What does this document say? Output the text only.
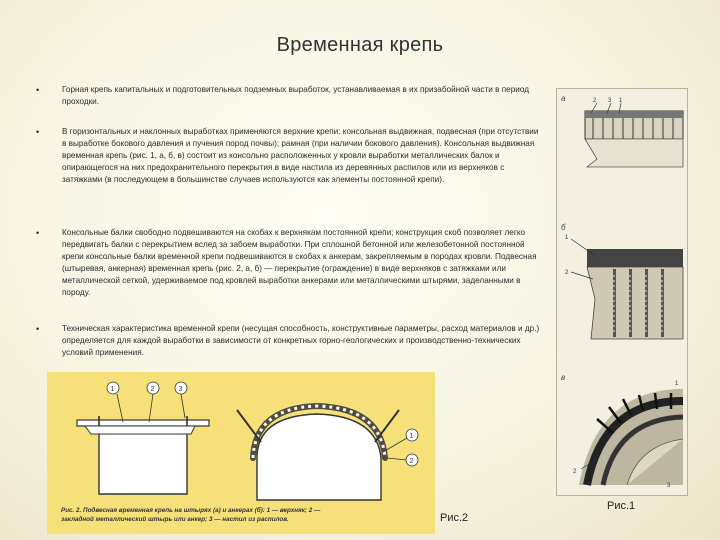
Временная крепь
•	Горная крепь капитальных и подготовительных подземных выработок, устанавливаемая в их призабойной части в период проходки.
•	В горизонтальных и наклонных выработках применяются верхние крепи: консольная выдвижная, подвесная (при отсутствии в выработке бокового давления и пучения пород почвы); рамная (при наличии бокового давления). Консольная выдвижная временная крепь (рис. 1, а, б, в) состоит из консольно расположенных у кровли выработки металлических балок и опирающегося на них предохранительного перекрытия в виде настила из деревянных распилов или из верхняков с затяжками (в последующем в большинстве случаев используются как элементы постоянной крепи).
•	Консольные балки свободно подвешиваются на скобах к верхнякам постоянной крепи; конструкция скоб позволяет легко передвигать балки с перекрытием вслед за забоем выработки. При сплошной бетонной или железобетонной постоянной крепи консольные балки временной крепи подвешиваются в скобах к анкерам, закрепляемым в породах кровли. Подвесная (штыревая, анкерная) временная крепь (рис. 2, а, б) — перекрытие (ограждение) в виде верхняков с затяжками или металлической сеткой, удерживаемое под кровлей выработки анкерами или металлическими штырями, заделанными в породу.
•	Техническая характеристика временной крепи (несущая способность, конструктивные параметры, расход материалов и др.) определяется для каждой выработки в зависимости от конкретных горно-геологических и производственно-технических условий применения.
а	2 3 1
б
1
2
в
1
2
3
Рис.1
1	2	3
1
2
Рис. 2. Подвесная временная крепь на штырях (а) и анкерах (б): 1 — верхняк; 2 — закладной металлический штырь или анкер; 3 — настил из распилов.	Рис.2
